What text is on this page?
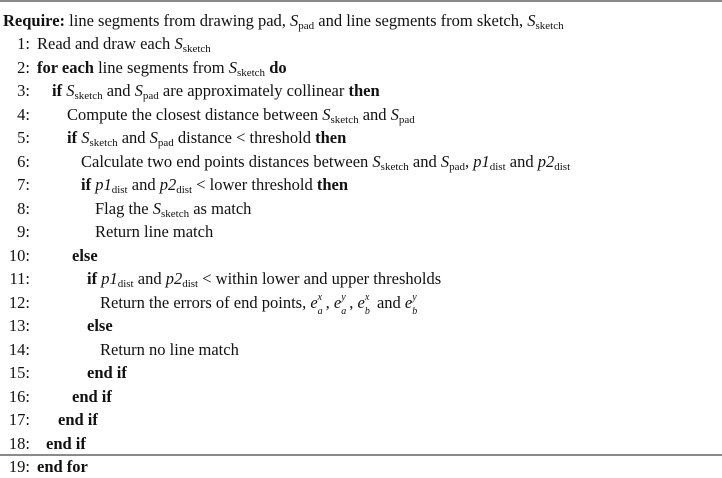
Require: line segments from drawing pad, $S_{pad}$ and line segments from sketch, $S_{sketch}$
1: Read and draw each $S_{sketch}$
2: for each line segments from $S_{sketch}$ do
3: if $S_{sketch}$ and $S_{pad}$ are approximately collinear then
4: Compute the closest distance between $S_{sketch}$ and $S_{pad}$
5: if $S_{sketch}$ and $S_{pad}$ distance < threshold then
6:	Calculate two end points distances between $S_{sketch}$ and $S_{pad}$, $p1_{dist}$ and $p2_{dist}$
7:	if $p1_{dist}$ and $p2_{dist}$ < lower threshold then
8:	Flag the $S_{sketch}$ as match
9:	Return line match
10:	else
11:	if $p1_{dist}$ and $p2_{dist}$ < within lower and upper thresholds
12:	Return the errors of end points, e x
a , e y
a , e x
b and e y
b
13:	else
14:	Return no line match
15:	end if
16:	end if
17: end if
18: end if
19: end for
